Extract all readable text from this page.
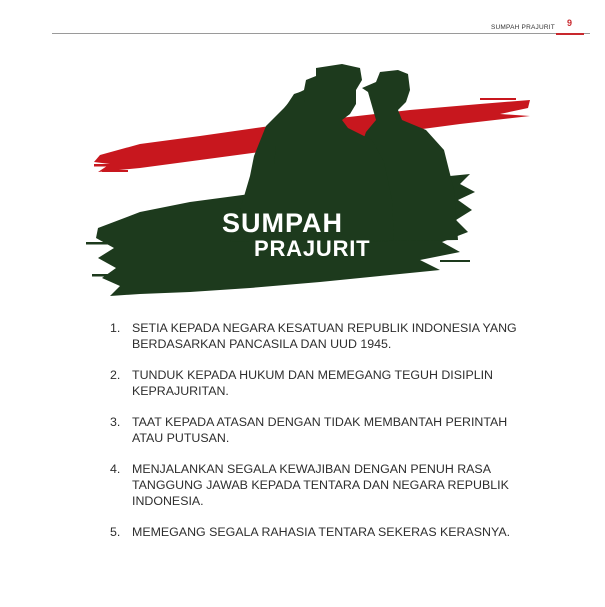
SUMPAH PRAJURIT 9
SUMPAH
PRAJURIT
1. SETIA KEPADA NEGARA KESATUAN REPUBLIK INDONESIA YANG BERDASARKAN PANCASILA DAN UUD 1945.
2. TUNDUK KEPADA HUKUM DAN MEMEGANG TEGUH DISIPLIN KEPRAJURITAN.
3. TAAT KEPADA ATASAN DENGAN TIDAK MEMBANTAH PERINTAH ATAU PUTUSAN.
4. MENJALANKAN SEGALA KEWAJIBAN DENGAN PENUH RASA TANGGUNG JAWAB KEPADA TENTARA DAN NEGARA REPUBLIK INDONESIA.
5. MEMEGANG SEGALA RAHASIA TENTARA SEKERAS KERASNYA.
